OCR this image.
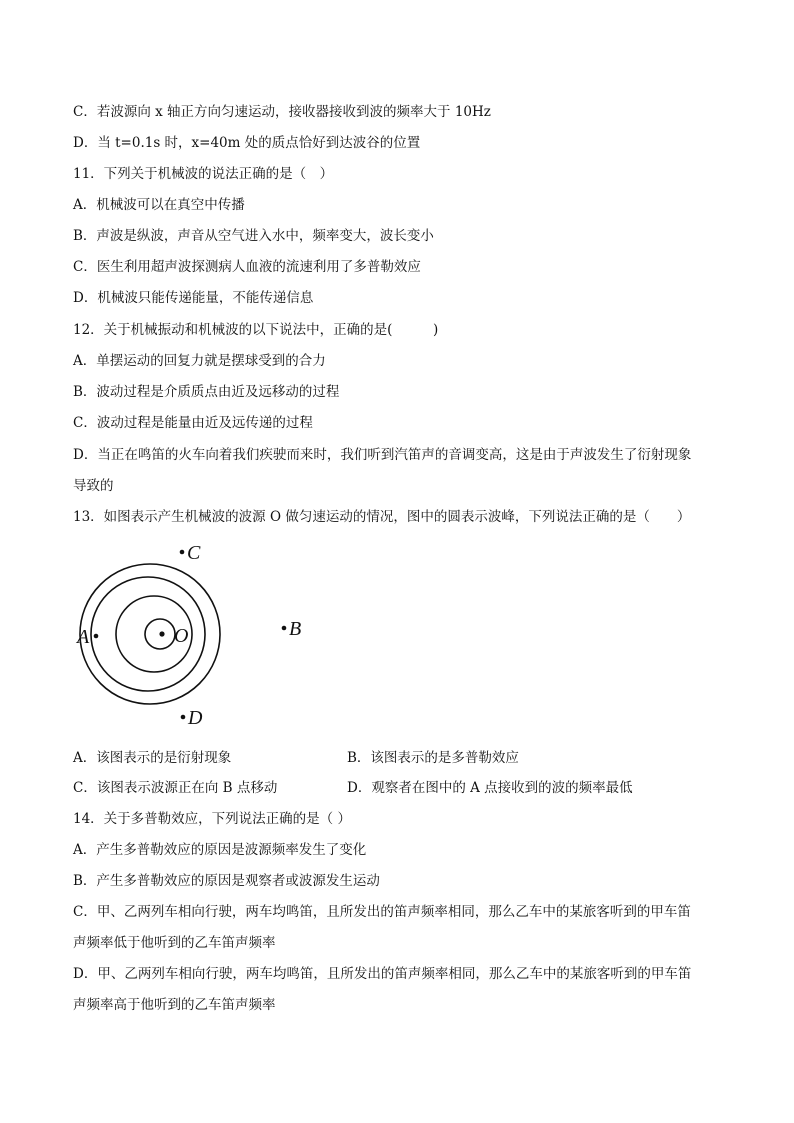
C．若波源向 x 轴正方向匀速运动，接收器接收到波的频率大于 10Hz
D．当 t=0.1s 时，x=40m 处的质点恰好到达波谷的位置
11．下列关于机械波的说法正确的是（　）
A．机械波可以在真空中传播
B．声波是纵波，声音从空气进入水中，频率变大，波长变小
C．医生利用超声波探测病人血液的流速利用了多普勒效应
D．机械波只能传递能量，不能传递信息
12．关于机械振动和机械波的以下说法中，正确的是(　　　)
A．单摆运动的回复力就是摆球受到的合力
B．波动过程是介质质点由近及远移动的过程
C．波动过程是能量由近及远传递的过程
D．当正在鸣笛的火车向着我们疾驶而来时，我们听到汽笛声的音调变高，这是由于声波发生了衍射现象
导致的
13．如图表示产生机械波的波源 O 做匀速运动的情况，图中的圆表示波峰，下列说法正确的是（　　）
O
C
A	B
D
A．该图表示的是衍射现象	B．该图表示的是多普勒效应
C．该图表示波源正在向 B 点移动	D．观察者在图中的 A 点接收到的波的频率最低
14．关于多普勒效应，下列说法正确的是（ ）
A．产生多普勒效应的原因是波源频率发生了变化
B．产生多普勒效应的原因是观察者或波源发生运动
C．甲、乙两列车相向行驶，两车均鸣笛，且所发出的笛声频率相同，那么乙车中的某旅客听到的甲车笛
声频率低于他听到的乙车笛声频率
D．甲、乙两列车相向行驶，两车均鸣笛，且所发出的笛声频率相同，那么乙车中的某旅客听到的甲车笛
声频率高于他听到的乙车笛声频率
